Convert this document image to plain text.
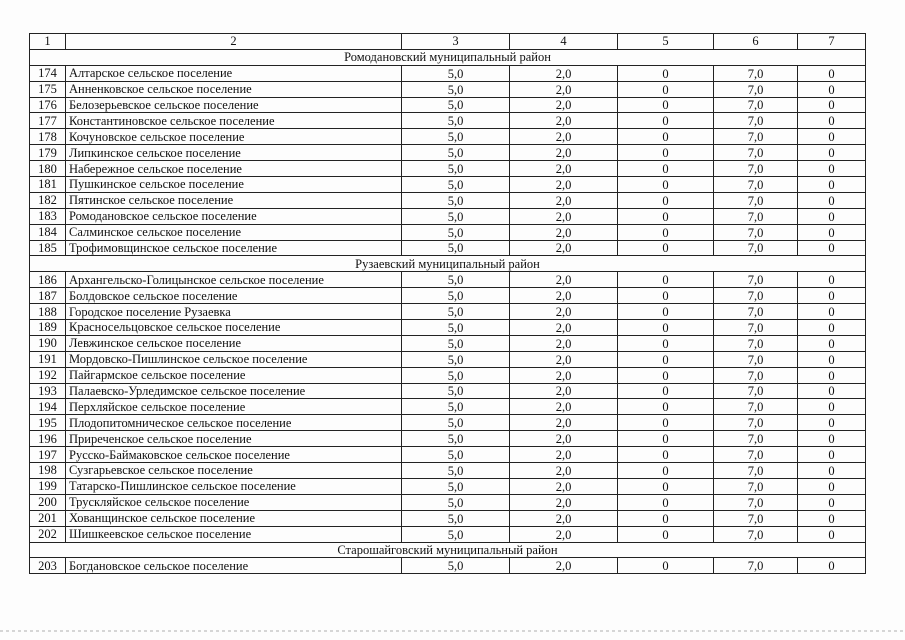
1	2	3	4	5	6	7
Ромодановский муниципальный район						
174	Алтарское сельское поселение	5,0	2,0	0	7,0	0
175	Анненковское сельское поселение	5,0	2,0	0	7,0	0
176	Белозерьевское сельское поселение	5,0	2,0	0	7,0	0
177	Константиновское сельское поселение	5,0	2,0	0	7,0	0
178	Кочуновское сельское поселение	5,0	2,0	0	7,0	0
179	Липкинское сельское поселение	5,0	2,0	0	7,0	0
180	Набережное сельское поселение	5,0	2,0	0	7,0	0
181	Пушкинское сельское поселение	5,0	2,0	0	7,0	0
182	Пятинское сельское поселение	5,0	2,0	0	7,0	0
183	Ромодановское сельское поселение	5,0	2,0	0	7,0	0
184	Салминское сельское поселение	5,0	2,0	0	7,0	0
185	Трофимовщинское сельское поселение	5,0	2,0	0	7,0	0
Рузаевский муниципальный район						
186	Архангельско-Голицынское сельское поселение	5,0	2,0	0	7,0	0
187	Болдовское сельское поселение	5,0	2,0	0	7,0	0
188	Городское поселение Рузаевка	5,0	2,0	0	7,0	0
189	Красносельцовское сельское поселение	5,0	2,0	0	7,0	0
190	Левжинское сельское поселение	5,0	2,0	0	7,0	0
191	Мордовско-Пишлинское сельское поселение	5,0	2,0	0	7,0	0
192	Пайгармское сельское поселение	5,0	2,0	0	7,0	0
193	Палаевско-Урледимское сельское поселение	5,0	2,0	0	7,0	0
194	Перхляйское сельское поселение	5,0	2,0	0	7,0	0
195	Плодопитомническое сельское поселение	5,0	2,0	0	7,0	0
196	Приреченское сельское поселение	5,0	2,0	0	7,0	0
197	Русско-Баймаковское сельское поселение	5,0	2,0	0	7,0	0
198	Сузгарьевское сельское поселение	5,0	2,0	0	7,0	0
199	Татарско-Пишлинское сельское поселение	5,0	2,0	0	7,0	0
200	Трускляйское сельское поселение	5,0	2,0	0	7,0	0
201	Хованщинское сельское поселение	5,0	2,0	0	7,0	0
202	Шишкеевское сельское поселение	5,0	2,0	0	7,0	0
Старошайговский муниципальный район						
203	Богдановское сельское поселение	5,0	2,0	0	7,0	0
